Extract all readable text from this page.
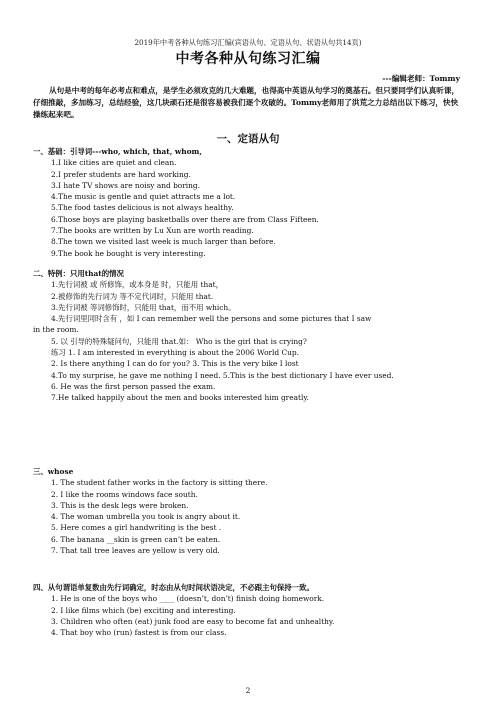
2019年中考各种从句练习汇编(宾语从句、定语从句、状语从句共14页)
中考各种从句练习汇编
---编辑老师：Tommy

从句是中考的每年必考点和难点，是学生必须攻克的几大难题，也得高中英语从句学习的奠基石。但只要同学们认真听课，仔细推敲，多加练习，总结经验，这几块顽石还是很容易被我们逐个攻破的。Tommy老师用了洪荒之力总结出以下练习，快快操练起来吧。

一、定语从句
一、基础：引导词---who, which, that, whom,
1.I like cities are quiet and clean.
2.I prefer students are hard working.
3.I hate TV shows are noisy and boring.
4.The music is gentle and quiet attracts me a lot.
5.The food tastes delicious is not always healthy.
6.Those boys are playing basketballs over there are from Class Fifteen.
7.The books are written by Lu Xun are worth reading.
8.The town we visited last week is much larger than before.
9.The book he bought is very interesting.
二、特例：只用that的情况
1.先行词被 或 所修饰，或本身是 时，只能用 that，
2.被修饰的先行词为 等不定代词时，只能用 that.
3.先行词被 等词修饰时，只能用 that，而不用 which。
4.先行词里同时含有 ，如 I can remember well the persons and some pictures that I saw
in the room.
5. 以 引导的特殊疑问句，只能用 that.如： Who is the girl that is crying?
练习 1. I am interested in everything is about the 2006 World Cup.
2. Is there anything I can do for you? 3. This is the very bike I lost
4.To my surprise, he gave me nothing I need. 5.This is the best dictionary I have ever used.
6. He was the first person passed the exam.
7.He talked happily about the men and books interested him greatly.
三、whose
1. The student father works in the factory is sitting there.
2. I like the rooms windows face south.
3. This is the desk legs were broken.
4. The woman umbrella you took is angry about it.
5. Here comes a girl handwriting is the best .
6. The banana __skin is green can’t be eaten.
7. That tall tree leaves are yellow is very old.
四、从句谓语单复数由先行词确定，时态由从句时间状语决定，不必跟主句保持一致。
1. He is one of the boys who ____ (doesn’t, don’t) finish doing homework.
2. I like films which (be) exciting and interesting.
3. Children who often (eat) junk food are easy to become fat and unhealthy.
4. That boy who (run) fastest is from our class.
2
